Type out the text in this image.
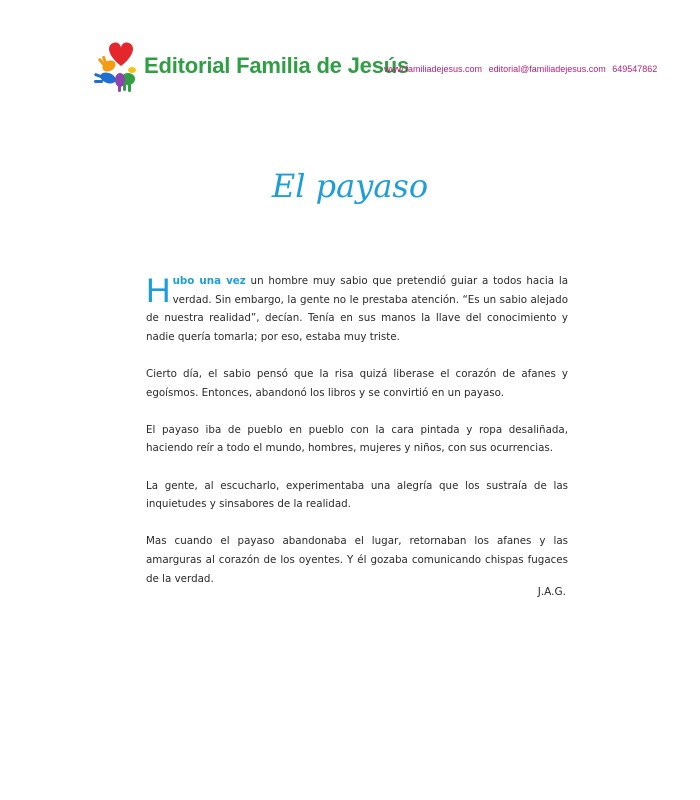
Editorial Familia de Jesús
www.familiadejesus.com editorial@familiadejesus.com 649547862
El payaso

Hubo una vez un hombre muy sabio que pretendió guiar a todos hacia la verdad. Sin embargo, la gente no le prestaba atención. “Es un sabio alejado de nuestra realidad”, decían. Tenía en sus manos la llave del conocimiento y nadie quería tomarla; por eso, estaba muy triste.

Cierto día, el sabio pensó que la risa quizá liberase el corazón de afanes y egoísmos. Entonces, abandonó los libros y se convirtió en un payaso.

El payaso iba de pueblo en pueblo con la cara pintada y ropa desaliñada, haciendo reír a todo el mundo, hombres, mujeres y niños, con sus ocurrencias.

La gente, al escucharlo, experimentaba una alegría que los sustraía de las inquietudes y sinsabores de la realidad.

Mas cuando el payaso abandonaba el lugar, retornaban los afanes y las amarguras al corazón de los oyentes. Y él gozaba comunicando chispas fugaces de la verdad.

J.A.G.
